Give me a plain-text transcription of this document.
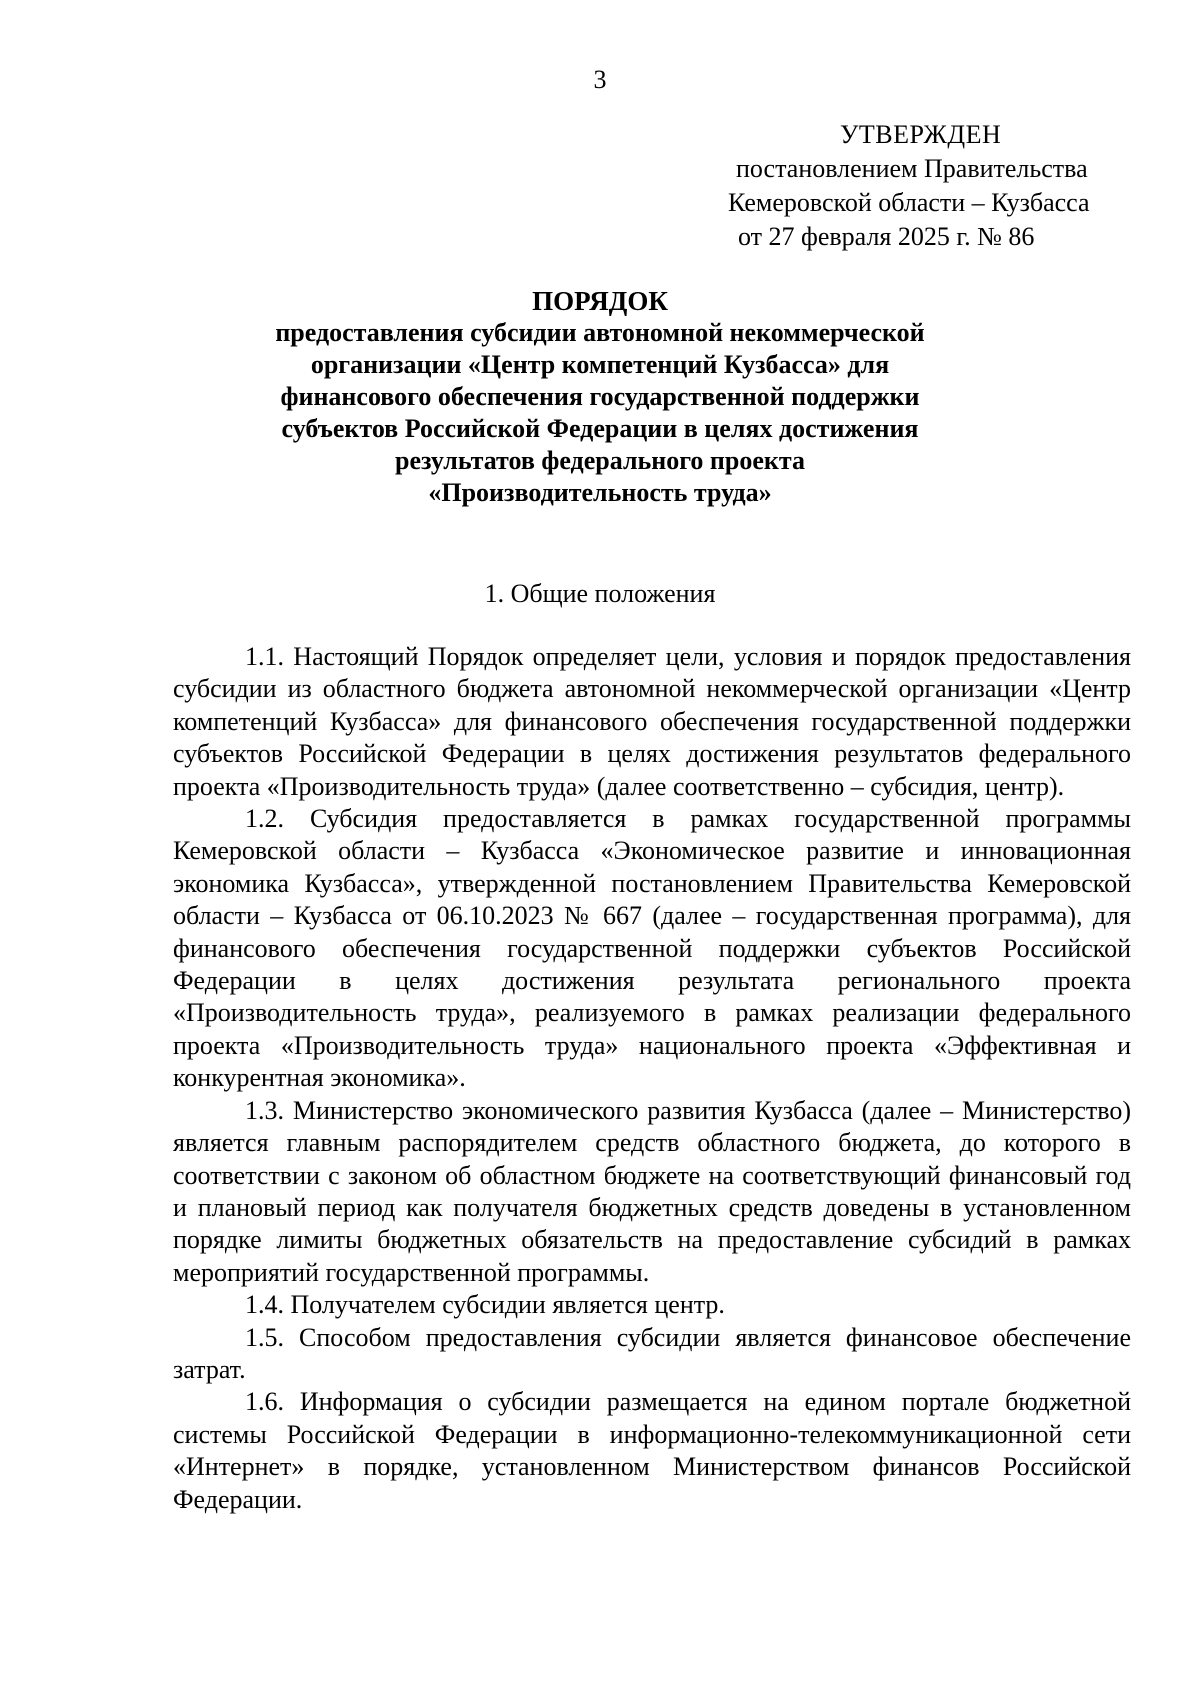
3
УТВЕРЖДЕН
постановлением Правительства
Кемеровской области – Кузбасса
от 27 февраля 2025 г. № 86
ПОРЯДОК
предоставления субсидии автономной некоммерческой
организации «Центр компетенций Кузбасса» для
финансового обеспечения государственной поддержки
субъектов Российской Федерации в целях достижения
результатов федерального проекта
«Производительность труда»
1. Общие положения

1.1. Настоящий Порядок определяет цели, условия и порядок предоставления субсидии из областного бюджета автономной некоммерческой организации «Центр компетенций Кузбасса» для финансового обеспечения государственной поддержки субъектов Российской Федерации в целях достижения результатов федерального проекта «Производительность труда» (далее соответственно – субсидия, центр).

1.2. Субсидия предоставляется в рамках государственной программы Кемеровской области – Кузбасса «Экономическое развитие и инновационная экономика Кузбасса», утвержденной постановлением Правительства Кемеровской области – Кузбасса от 06.10.2023 № 667 (далее – государственная программа), для финансового обеспечения государственной поддержки субъектов Российской Федерации в целях достижения результата регионального проекта «Производительность труда», реализуемого в рамках реализации федерального проекта «Производительность труда» национального проекта «Эффективная и конкурентная экономика».

1.3. Министерство экономического развития Кузбасса (далее – Министерство) является главным распорядителем средств областного бюджета, до которого в соответствии с законом об областном бюджете на соответствующий финансовый год и плановый период как получателя бюджетных средств доведены в установленном порядке лимиты бюджетных обязательств на предоставление субсидий в рамках мероприятий государственной программы.

1.4. Получателем субсидии является центр.

1.5. Способом предоставления субсидии является финансовое обеспечение затрат.

1.6. Информация о субсидии размещается на едином портале бюджетной системы Российской Федерации в информационно-телекоммуникационной сети «Интернет» в порядке, установленном Министерством финансов Российской Федерации.
